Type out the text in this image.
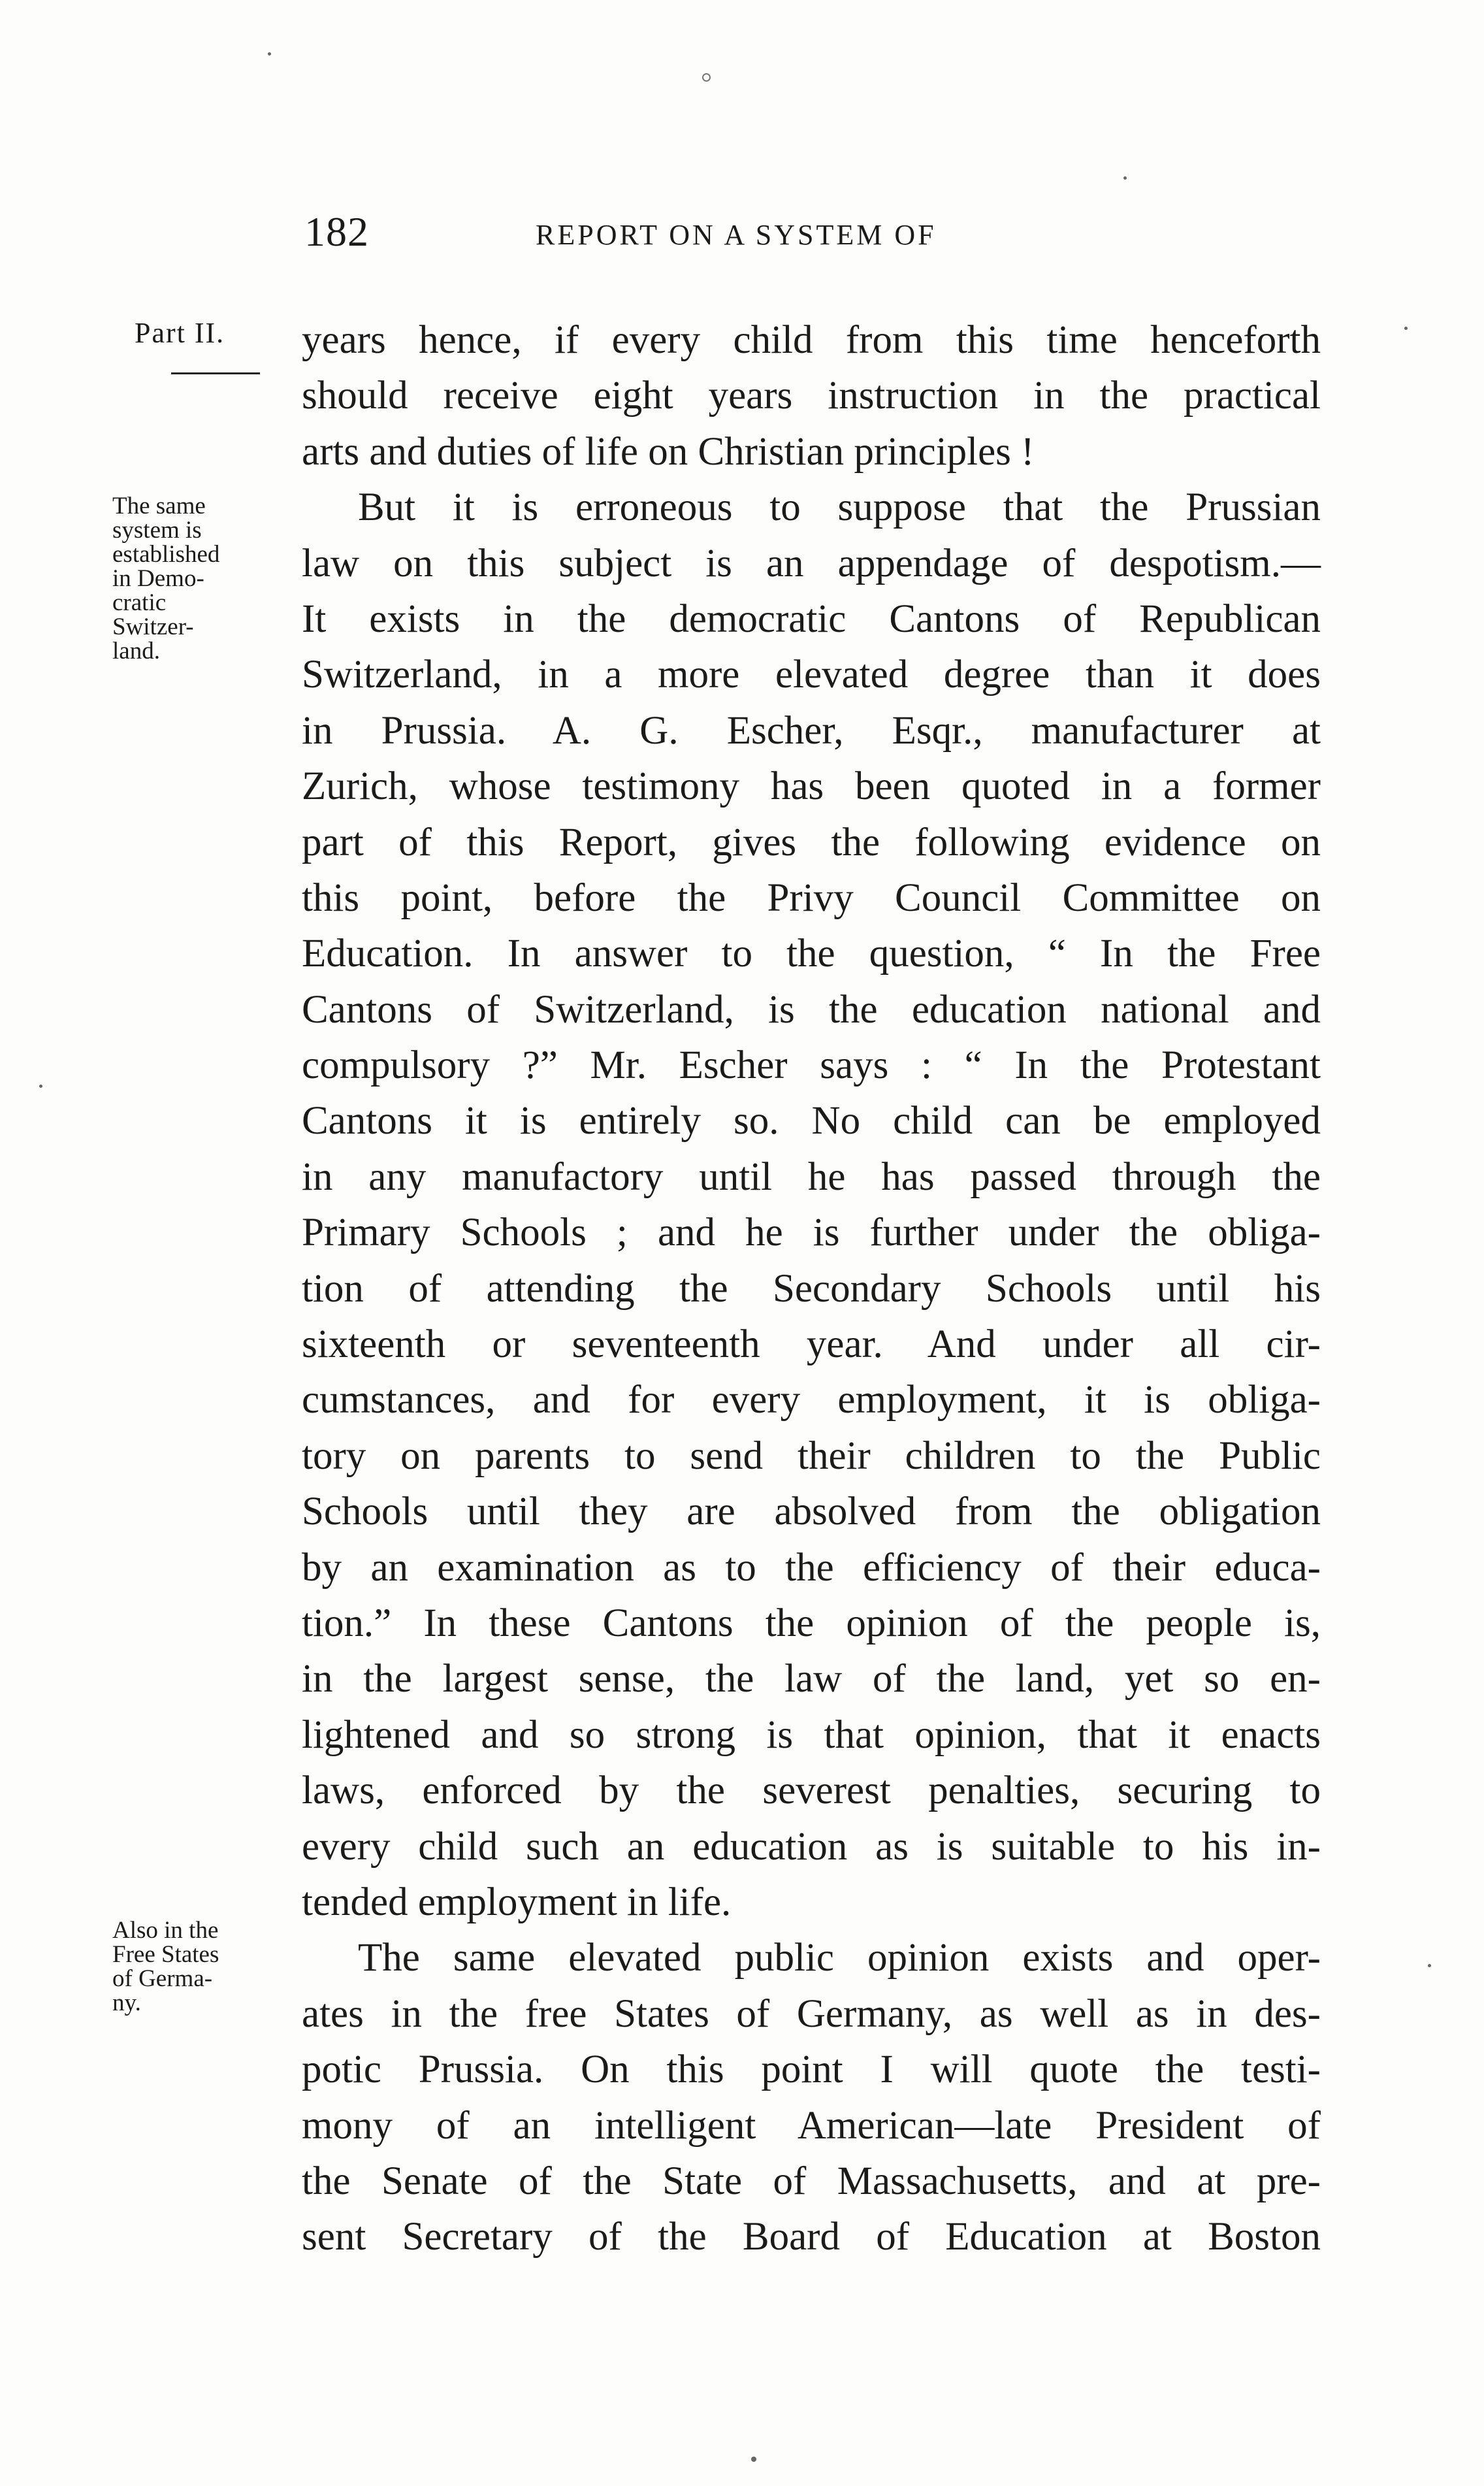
182	REPORT ON A SYSTEM OF
Part II.
The same
system is
established
in Demo-
cratic
Switzer-
land.
Also in the
Free States
of Germa-
ny.
years hence, if every child from this time henceforth
should receive eight years instruction in the practical
arts and duties of life on Christian principles !
But it is erroneous to suppose that the Prussian
law on this subject is an appendage of despotism.—
It exists in the democratic Cantons of Republican
Switzerland, in a more elevated degree than it does
in Prussia. A. G. Escher, Esqr., manufacturer at
Zurich, whose testimony has been quoted in a former
part of this Report, gives the following evidence on
this point, before the Privy Council Committee on
Education. In answer to the question, “ In the Free
Cantons of Switzerland, is the education national and
compulsory ?” Mr. Escher says : “ In the Protestant
Cantons it is entirely so. No child can be employed
in any manufactory until he has passed through the
Primary Schools ; and he is further under the obliga-
tion of attending the Secondary Schools until his
sixteenth or seventeenth year. And under all cir-
cumstances, and for every employment, it is obliga-
tory on parents to send their children to the Public
Schools until they are absolved from the obligation
by an examination as to the efficiency of their educa-
tion.” In these Cantons the opinion of the people is,
in the largest sense, the law of the land, yet so en-
lightened and so strong is that opinion, that it enacts
laws, enforced by the severest penalties, securing to
every child such an education as is suitable to his in-
tended employment in life.
The same elevated public opinion exists and oper-
ates in the free States of Germany, as well as in des-
potic Prussia. On this point I will quote the testi-
mony of an intelligent American—late President of
the Senate of the State of Massachusetts, and at pre-
sent Secretary of the Board of Education at Boston
